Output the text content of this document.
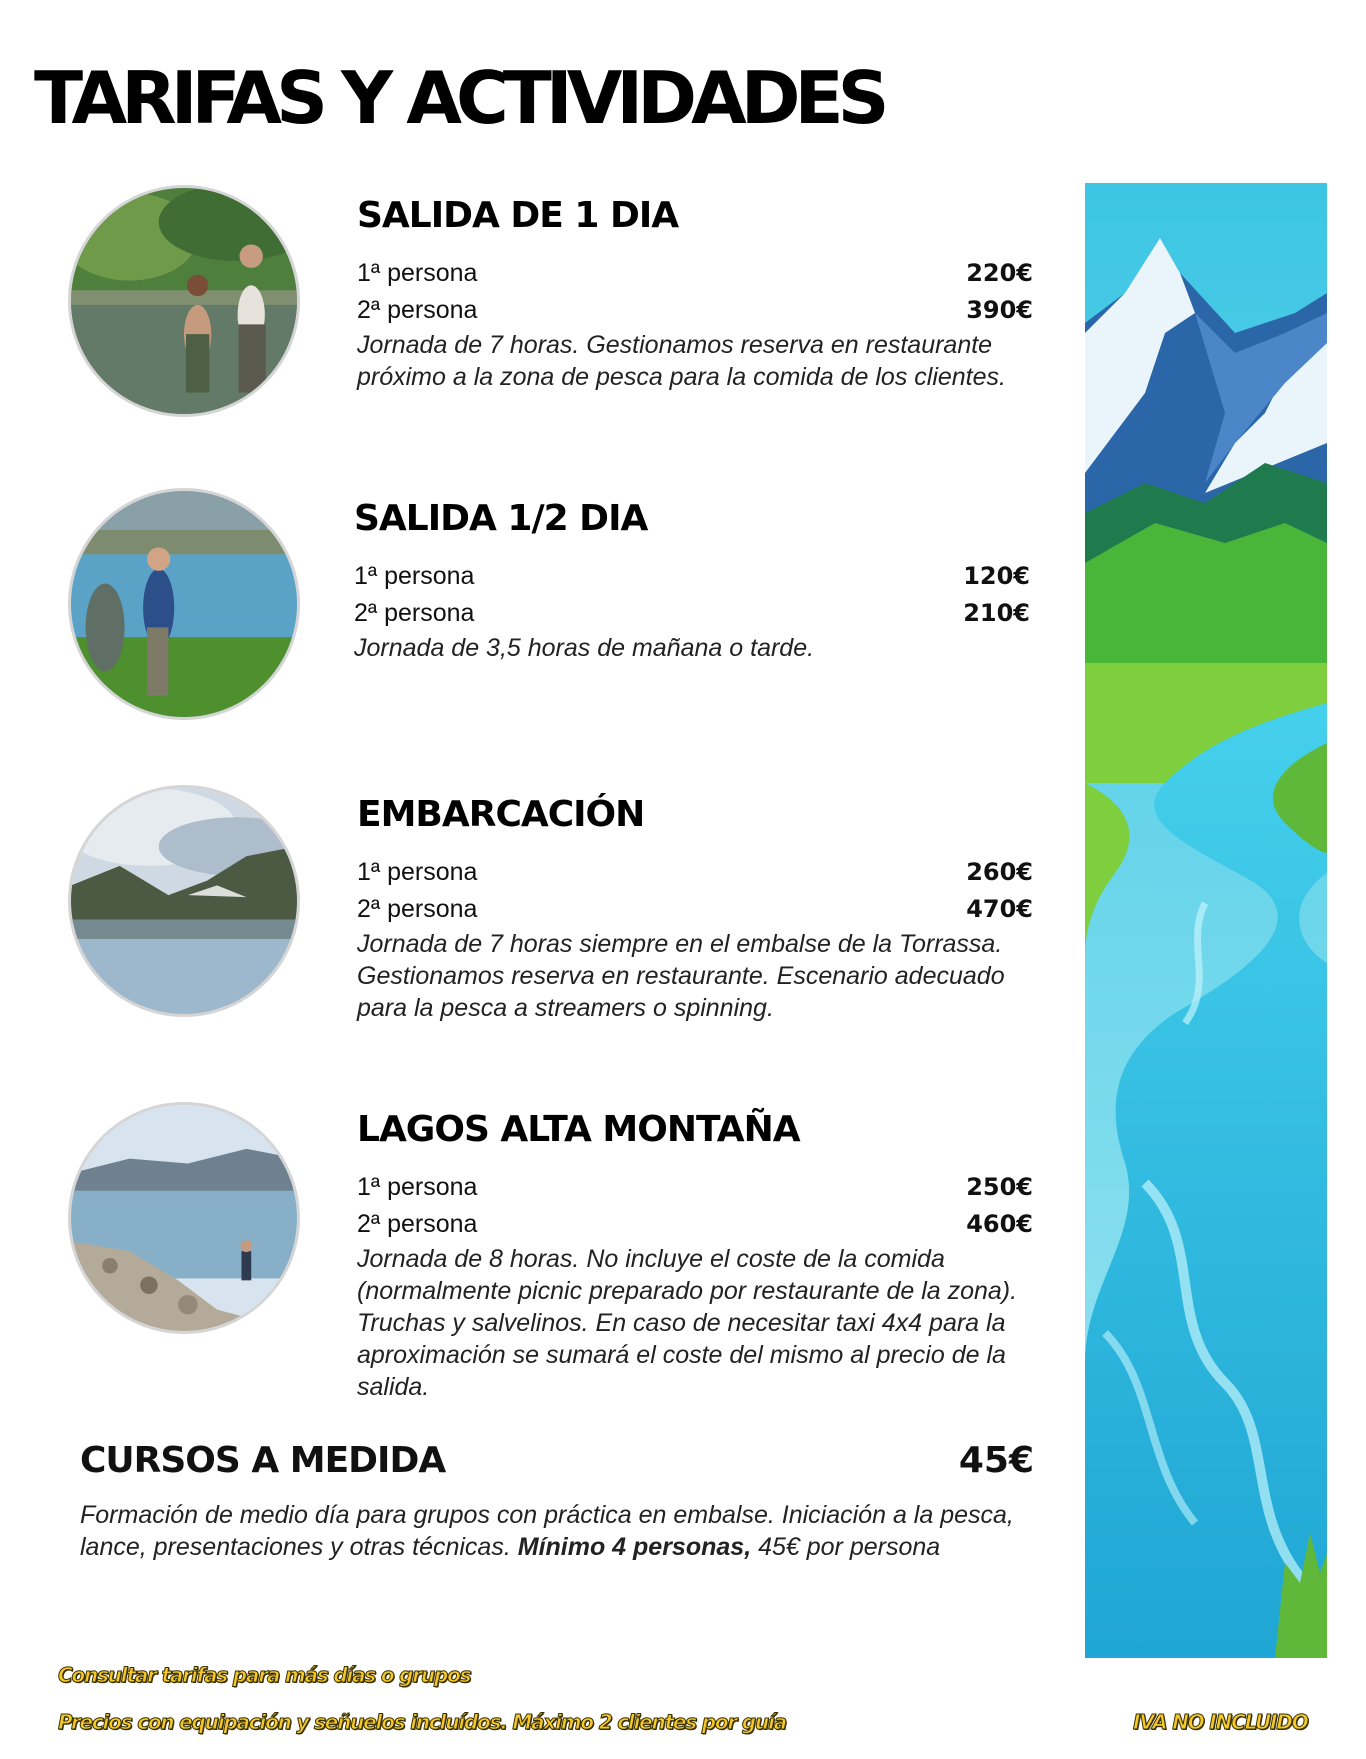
TARIFAS Y ACTIVIDADES
SALIDA DE 1 DIA
1ª persona	220€
2ª persona	390€

Jornada de 7 horas. Gestionamos reserva en restaurante próximo a la zona de pesca para la comida de los clientes.

SALIDA 1/2 DIA
1ª persona	120€
2ª persona	210€

Jornada de 3,5 horas de mañana o tarde.

EMBARCACIÓN
1ª persona	260€
2ª persona	470€

Jornada de 7 horas siempre en el embalse de la Torrassa. Gestionamos reserva en restaurante. Escenario adecuado para la pesca a streamers o spinning.

LAGOS ALTA MONTAÑA
1ª persona	250€
2ª persona	460€

Jornada de 8 horas. No incluye el coste de la comida (normalmente picnic preparado por restaurante de la zona). Truchas y salvelinos. En caso de necesitar taxi 4x4 para la aproximación se sumará el coste del mismo al precio de la salida.

CURSOS A MEDIDA	45€

Formación de medio día para grupos con práctica en embalse. Iniciación a la pesca, lance, presentaciones y otras técnicas. Mínimo 4 personas, 45€ por persona

Consultar tarifas para más días o grupos
Precios con equipación y señuelos incluídos. Máximo 2 clientes por guía	IVA NO INCLUIDO
